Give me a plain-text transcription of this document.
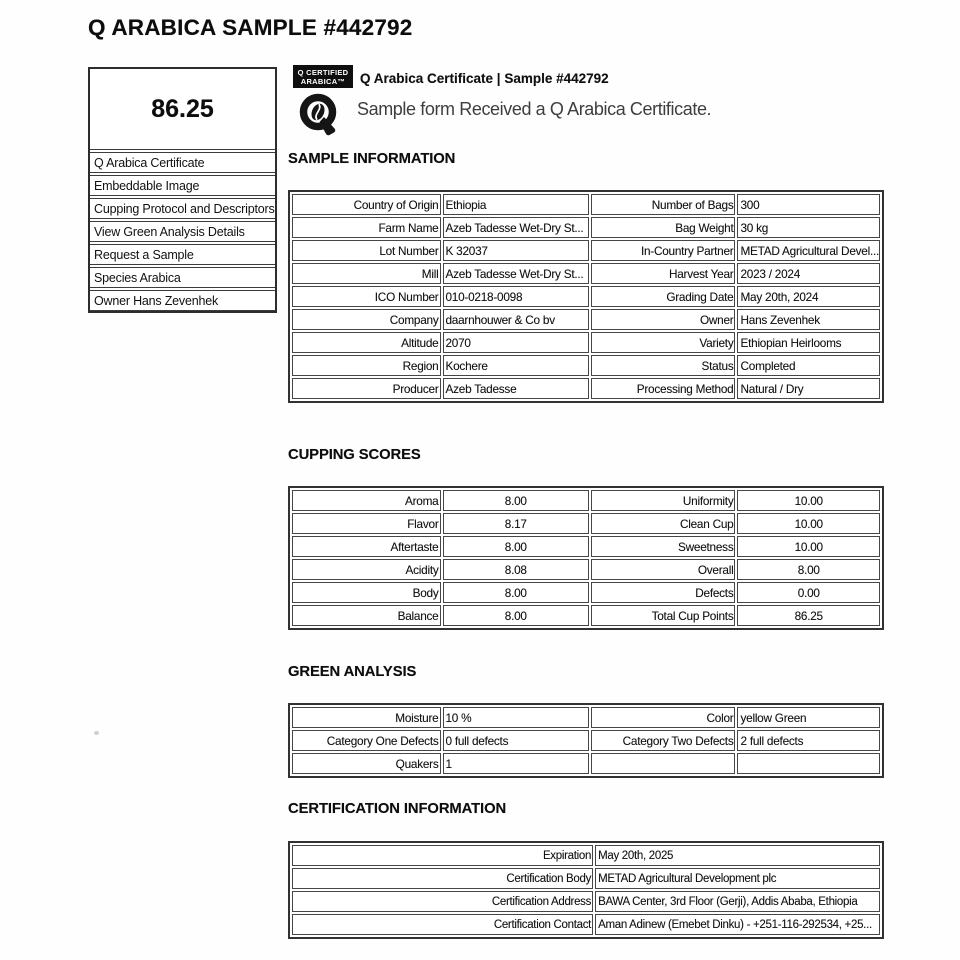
Q ARABICA SAMPLE #442792
86.25
Q Arabica Certificate
Embeddable Image
Cupping Protocol and Descriptors
View Green Analysis Details
Request a Sample
Species Arabica
Owner Hans Zevenhek
Q CERTIFIED
ARABICA™	Q Arabica Certificate | Sample #442792
Sample form Received a Q Arabica Certificate.
SAMPLE INFORMATION
Country of Origin	Ethiopia	Number of Bags	300
Farm Name	Azeb Tadesse Wet-Dry St...	Bag Weight	30 kg
Lot Number	K 32037	In-Country Partner	METAD Agricultural Devel...
Mill	Azeb Tadesse Wet-Dry St...	Harvest Year	2023 / 2024
ICO Number	010-0218-0098	Grading Date	May 20th, 2024
Company	daarnhouwer & Co bv	Owner	Hans Zevenhek
Altitude	2070	Variety	Ethiopian Heirlooms
Region	Kochere	Status	Completed
Producer	Azeb Tadesse	Processing Method	Natural / Dry
CUPPING SCORES
Aroma	8.00	Uniformity	10.00
Flavor	8.17	Clean Cup	10.00
Aftertaste	8.00	Sweetness	10.00
Acidity	8.08	Overall	8.00
Body	8.00	Defects	0.00
Balance	8.00	Total Cup Points	86.25
GREEN ANALYSIS
Moisture	10 %	Color	yellow Green
Category One Defects	0 full defects	Category Two Defects	2 full defects
Quakers	1		
CERTIFICATION INFORMATION
Expiration	May 20th, 2025
Certification Body	METAD Agricultural Development plc
Certification Address	BAWA Center, 3rd Floor (Gerji), Addis Ababa, Ethiopia
Certification Contact	Aman Adinew (Emebet Dinku) - +251-116-292534, +25...
